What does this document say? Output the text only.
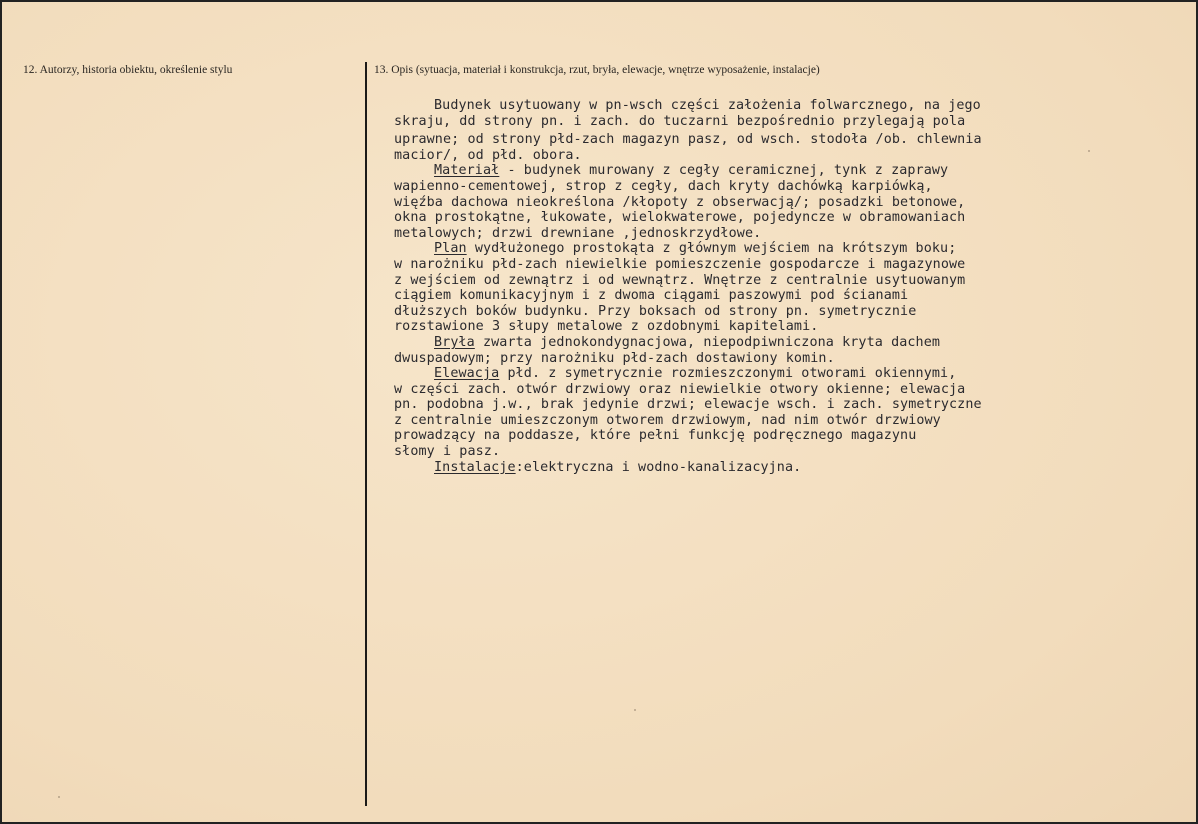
12. Autorzy, historia obiektu, określenie stylu	13. Opis (sytuacja, materiał i konstrukcja, rzut, bryła, elewacje, wnętrze wyposażenie, instalacje)
Budynek usytuowany w pn-wsch części założenia folwarcznego, na jego
skraju, dd strony pn. i zach. do tuczarni bezpośrednio przylegają pola
uprawne; od strony płd-zach magazyn pasz, od wsch. stodoła /ob. chlewnia
macior/, od płd. obora.
Materiał - budynek murowany z cegły ceramicznej, tynk z zaprawy
wapienno-cementowej, strop z cegły, dach kryty dachówką karpiówką,
więźba dachowa nieokreślona /kłopoty z obserwacją/; posadzki betonowe,
okna prostokątne, łukowate, wielokwaterowe, pojedyncze w obramowaniach
metalowych; drzwi drewniane ,jednoskrzydłowe.
Plan wydłużonego prostokąta z głównym wejściem na krótszym boku;
w narożniku płd-zach niewielkie pomieszczenie gospodarcze i magazynowe
z wejściem od zewnątrz i od wewnątrz. Wnętrze z centralnie usytuowanym
ciągiem komunikacyjnym i z dwoma ciągami paszowymi pod ścianami
dłuższych boków budynku. Przy boksach od strony pn. symetrycznie
rozstawione 3 słupy metalowe z ozdobnymi kapitelami.
Bryła zwarta jednokondygnacjowa, niepodpiwniczona kryta dachem
dwuspadowym; przy narożniku płd-zach dostawiony komin.
Elewacja płd. z symetrycznie rozmieszczonymi otworami okiennymi,
w części zach. otwór drzwiowy oraz niewielkie otwory okienne; elewacja
pn. podobna j.w., brak jedynie drzwi; elewacje wsch. i zach. symetryczne
z centralnie umieszczonym otworem drzwiowym, nad nim otwór drzwiowy
prowadzący na poddasze, które pełni funkcję podręcznego magazynu
słomy i pasz.
Instalacje:elektryczna i wodno-kanalizacyjna.
